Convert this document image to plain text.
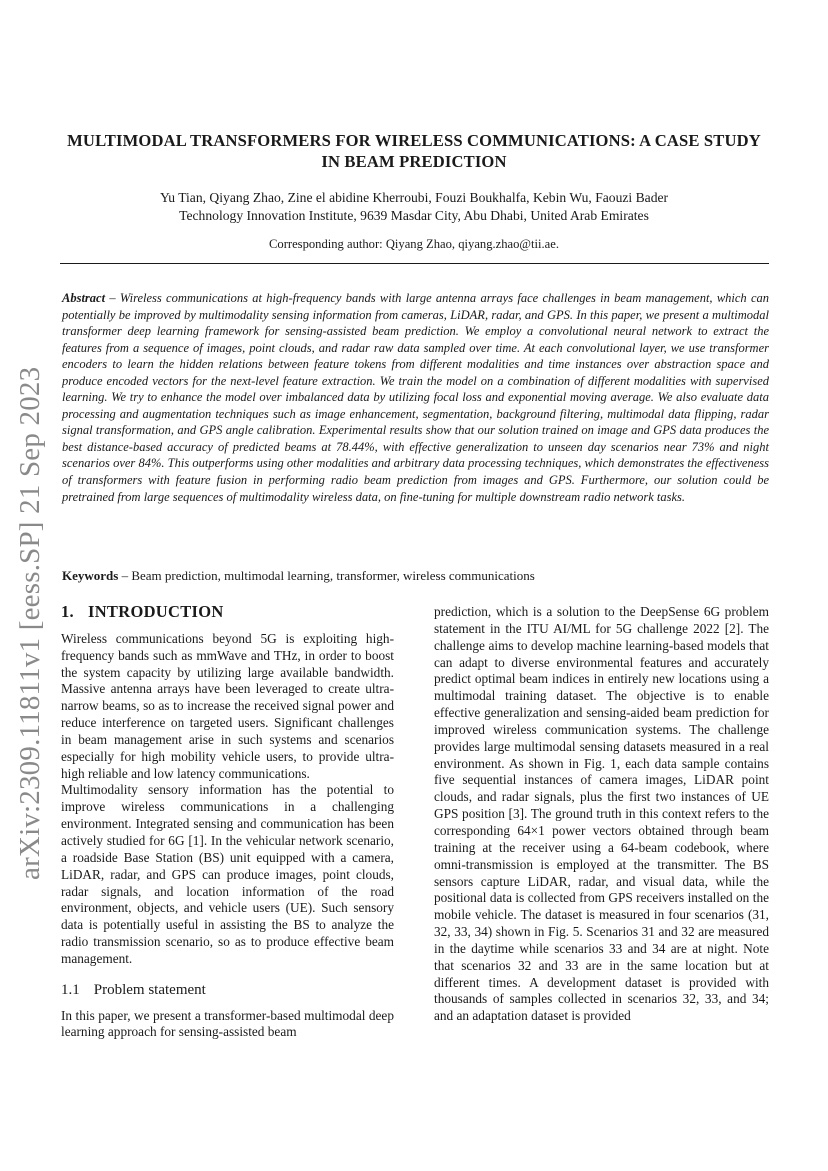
arXiv:2309.11811v1 [eess.SP] 21 Sep 2023
MULTIMODAL TRANSFORMERS FOR WIRELESS COMMUNICATIONS: A CASE STUDY IN BEAM PREDICTION
Yu Tian, Qiyang Zhao, Zine el abidine Kherroubi, Fouzi Boukhalfa, Kebin Wu, Faouzi Bader
Technology Innovation Institute, 9639 Masdar City, Abu Dhabi, United Arab Emirates
Corresponding author: Qiyang Zhao, qiyang.zhao@tii.ae.
Abstract – Wireless communications at high-frequency bands with large antenna arrays face challenges in beam management, which can potentially be improved by multimodality sensing information from cameras, LiDAR, radar, and GPS. In this paper, we present a multimodal transformer deep learning framework for sensing-assisted beam prediction. We employ a convolutional neural network to extract the features from a sequence of images, point clouds, and radar raw data sampled over time. At each convolutional layer, we use transformer encoders to learn the hidden relations between feature tokens from different modalities and time instances over abstraction space and produce encoded vectors for the next-level feature extraction. We train the model on a combination of different modalities with supervised learning. We try to enhance the model over imbalanced data by utilizing focal loss and exponential moving average. We also evaluate data processing and augmentation techniques such as image enhancement, segmentation, background filtering, multimodal data flipping, radar signal transformation, and GPS angle calibration. Experimental results show that our solution trained on image and GPS data produces the best distance-based accuracy of predicted beams at 78.44%, with effective generalization to unseen day scenarios near 73% and night scenarios over 84%. This outperforms using other modalities and arbitrary data processing techniques, which demonstrates the effectiveness of transformers with feature fusion in performing radio beam prediction from images and GPS. Furthermore, our solution could be pretrained from large sequences of multimodality wireless data, on fine-tuning for multiple downstream radio network tasks.
Keywords – Beam prediction, multimodal learning, transformer, wireless communications
1. INTRODUCTION

Wireless communications beyond 5G is exploiting high-frequency bands such as mmWave and THz, in order to boost the system capacity by utilizing large available bandwidth. Massive antenna arrays have been leveraged to create ultra-narrow beams, so as to increase the received signal power and reduce interference on targeted users. Significant challenges in beam management arise in such systems and scenarios especially for high mobility vehicle users, to provide ultra-high reliable and low latency communications.

Multimodality sensory information has the potential to improve wireless communications in a challenging environment. Integrated sensing and communication has been actively studied for 6G [1]. In the vehicular network scenario, a roadside Base Station (BS) unit equipped with a camera, LiDAR, radar, and GPS can produce images, point clouds, radar signals, and location information of the road environment, objects, and vehicle users (UE). Such sensory data is potentially useful in assisting the BS to analyze the radio transmission scenario, so as to produce effective beam management.

1.1 Problem statement

In this paper, we present a transformer-based multimodal deep learning approach for sensing-assisted beam

prediction, which is a solution to the DeepSense 6G problem statement in the ITU AI/ML for 5G challenge 2022 [2]. The challenge aims to develop machine learning-based models that can adapt to diverse environmental features and accurately predict optimal beam indices in entirely new locations using a multimodal training dataset. The objective is to enable effective generalization and sensing-aided beam prediction for improved wireless communication systems. The challenge provides large multimodal sensing datasets measured in a real environment. As shown in Fig. 1, each data sample contains five sequential instances of camera images, LiDAR point clouds, and radar signals, plus the first two instances of UE GPS position [3]. The ground truth in this context refers to the corresponding 64×1 power vectors obtained through beam training at the receiver using a 64-beam codebook, where omni-transmission is employed at the transmitter. The BS sensors capture LiDAR, radar, and visual data, while the positional data is collected from GPS receivers installed on the mobile vehicle. The dataset is measured in four scenarios (31, 32, 33, 34) shown in Fig. 5. Scenarios 31 and 32 are measured in the daytime while scenarios 33 and 34 are at night. Note that scenarios 32 and 33 are in the same location but at different times. A development dataset is provided with thousands of samples collected in scenarios 32, 33, and 34; and an adaptation dataset is provided
